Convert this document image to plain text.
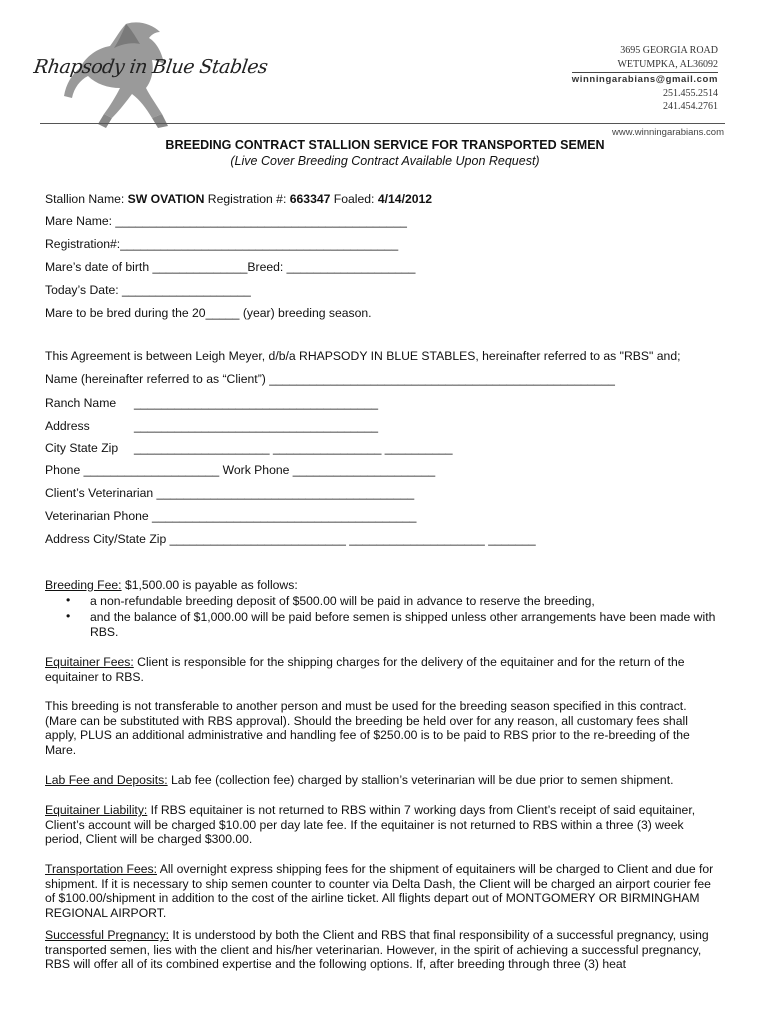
Rhapsody in Blue Stables
3695 GEORGIA ROAD
WETUMPKA, AL36092
winningarabians@gmail.com
251.455.2514
241.454.2761
www.winningarabians.com
BREEDING CONTRACT STALLION SERVICE FOR TRANSPORTED SEMEN
(Live Cover Breeding Contract Available Upon Request)
Stallion Name: SW OVATION Registration #: 663347 Foaled: 4/14/2012
Mare Name: ___________________________________________
Registration#:_________________________________________
Mare’s date of birth ______________Breed: ___________________
Today’s Date: ___________________
Mare to be bred during the 20_____ (year) breeding season.
This Agreement is between Leigh Meyer, d/b/a RHAPSODY IN BLUE STABLES, hereinafter referred to as "RBS" and;
Name (hereinafter referred to as “Client”) ___________________________________________________
Ranch Name ____________________________________
Address	____________________________________
City State Zip ____________________ ________________ __________
Phone ____________________ Work Phone _____________________
Client’s Veterinarian ______________________________________
Veterinarian Phone _______________________________________
Address City/State Zip __________________________ ____________________ _______
Breeding Fee: $1,500.00 is payable as follows:
• a non-refundable breeding deposit of $500.00 will be paid in advance to reserve the breeding,
• and the balance of $1,000.00 will be paid before semen is shipped unless other arrangements have been made with RBS.
Equitainer Fees: Client is responsible for the shipping charges for the delivery of the equitainer and for the return of the equitainer to RBS.
This breeding is not transferable to another person and must be used for the breeding season specified in this contract. (Mare can be substituted with RBS approval). Should the breeding be held over for any reason, all customary fees shall apply, PLUS an additional administrative and handling fee of $250.00 is to be paid to RBS prior to the re-breeding of the Mare.
Lab Fee and Deposits: Lab fee (collection fee) charged by stallion’s veterinarian will be due prior to semen shipment.
Equitainer Liability: If RBS equitainer is not returned to RBS within 7 working days from Client’s receipt of said equitainer, Client’s account will be charged $10.00 per day late fee. If the equitainer is not returned to RBS within a three (3) week period, Client will be charged $300.00.
Transportation Fees: All overnight express shipping fees for the shipment of equitainers will be charged to Client and due for shipment. If it is necessary to ship semen counter to counter via Delta Dash, the Client will be charged an airport courier fee of $100.00/shipment in addition to the cost of the airline ticket. All flights depart out of MONTGOMERY OR BIRMINGHAM REGIONAL AIRPORT.
Successful Pregnancy: It is understood by both the Client and RBS that final responsibility of a successful pregnancy, using transported semen, lies with the client and his/her veterinarian. However, in the spirit of achieving a successful pregnancy, RBS will offer all of its combined expertise and the following options. If, after breeding through three (3) heat
